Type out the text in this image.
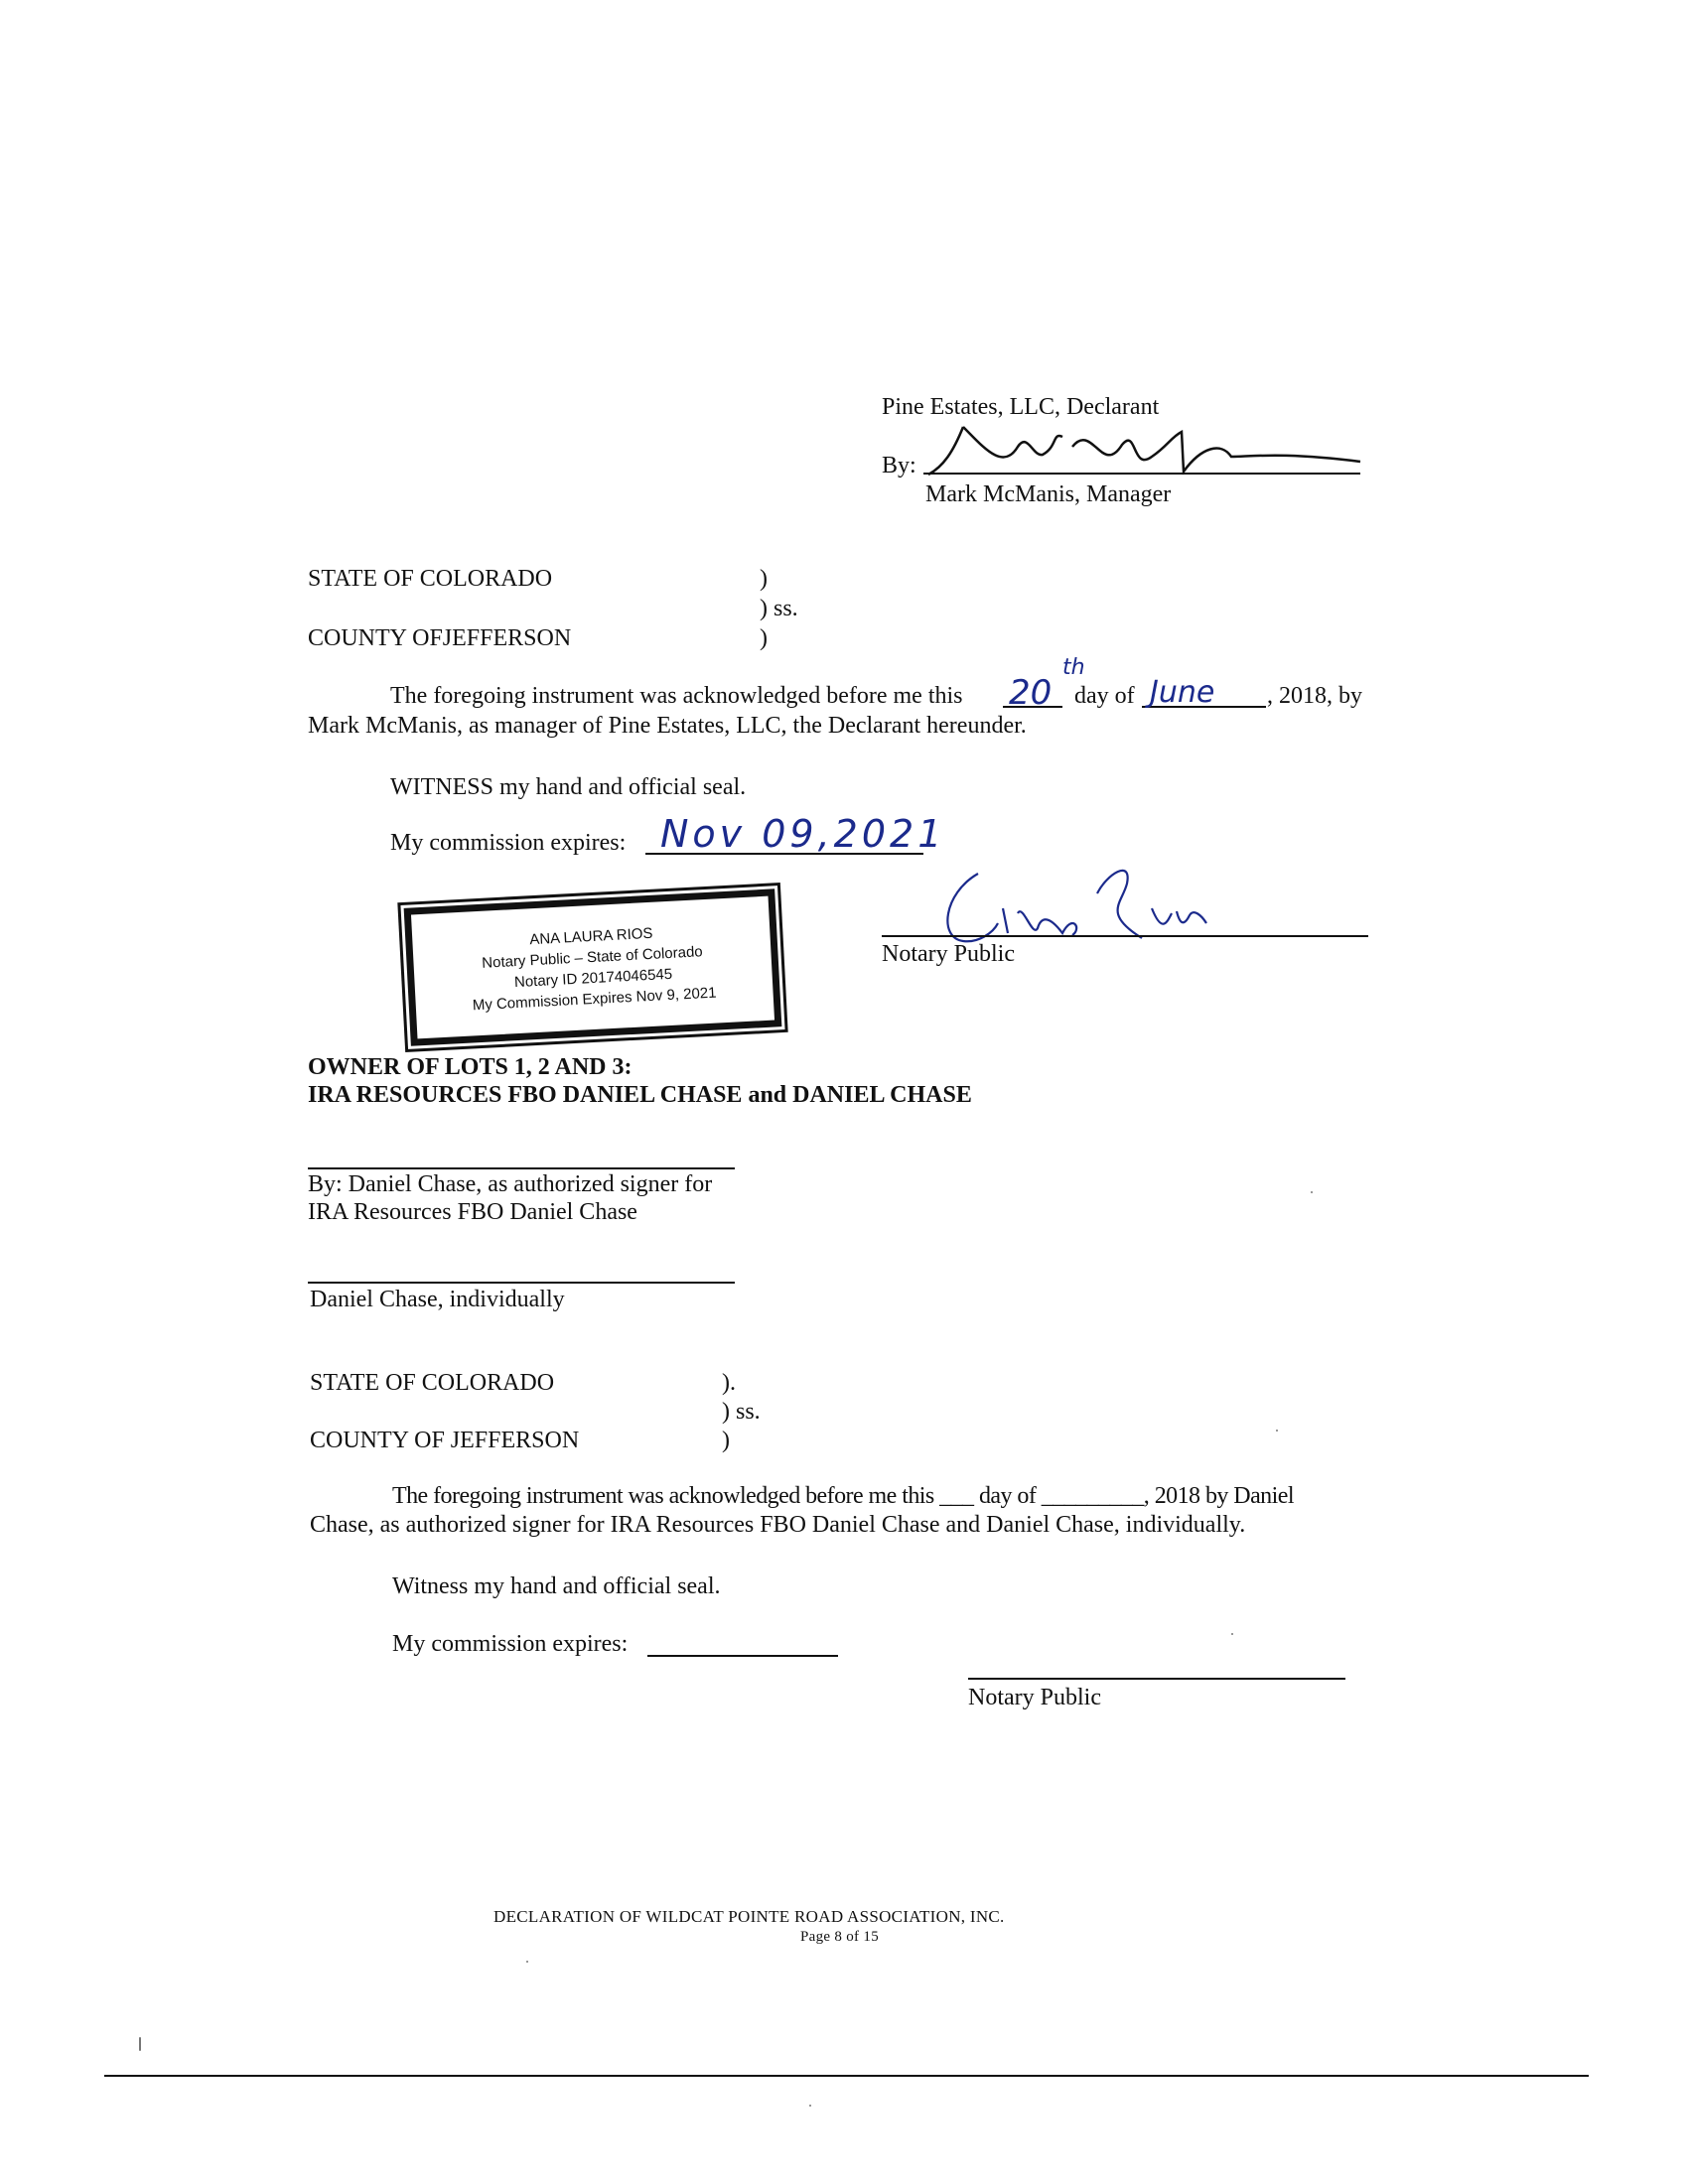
Pine Estates, LLC, Declarant
By:
Mark McManis, Manager
STATE OF COLORADO	)
) ss.
COUNTY OFJEFFERSON	)
The foregoing instrument was acknowledged before me this 20
th
day of June , 2018, by
Mark McManis, as manager of Pine Estates, LLC, the Declarant hereunder.
WITNESS my hand and official seal.
My commission expires: Nov 09,2021
ANA LAURA RIOS
Notary Public – State of Colorado
Notary ID 20174046545
My Commission Expires Nov 9, 2021
Notary Public
OWNER OF LOTS 1, 2 AND 3:
IRA RESOURCES FBO DANIEL CHASE and DANIEL CHASE
By: Daniel Chase, as authorized signer for
IRA Resources FBO Daniel Chase
Daniel Chase, individually
STATE OF COLORADO	).
) ss.
COUNTY OF JEFFERSON	)
The foregoing instrument was acknowledged before me this ___ day of _________, 2018 by Daniel
Chase, as authorized signer for IRA Resources FBO Daniel Chase and Daniel Chase, individually.
Witness my hand and official seal.
My commission expires:
Notary Public
DECLARATION OF WILDCAT POINTE ROAD ASSOCIATION, INC.
Page 8 of 15
